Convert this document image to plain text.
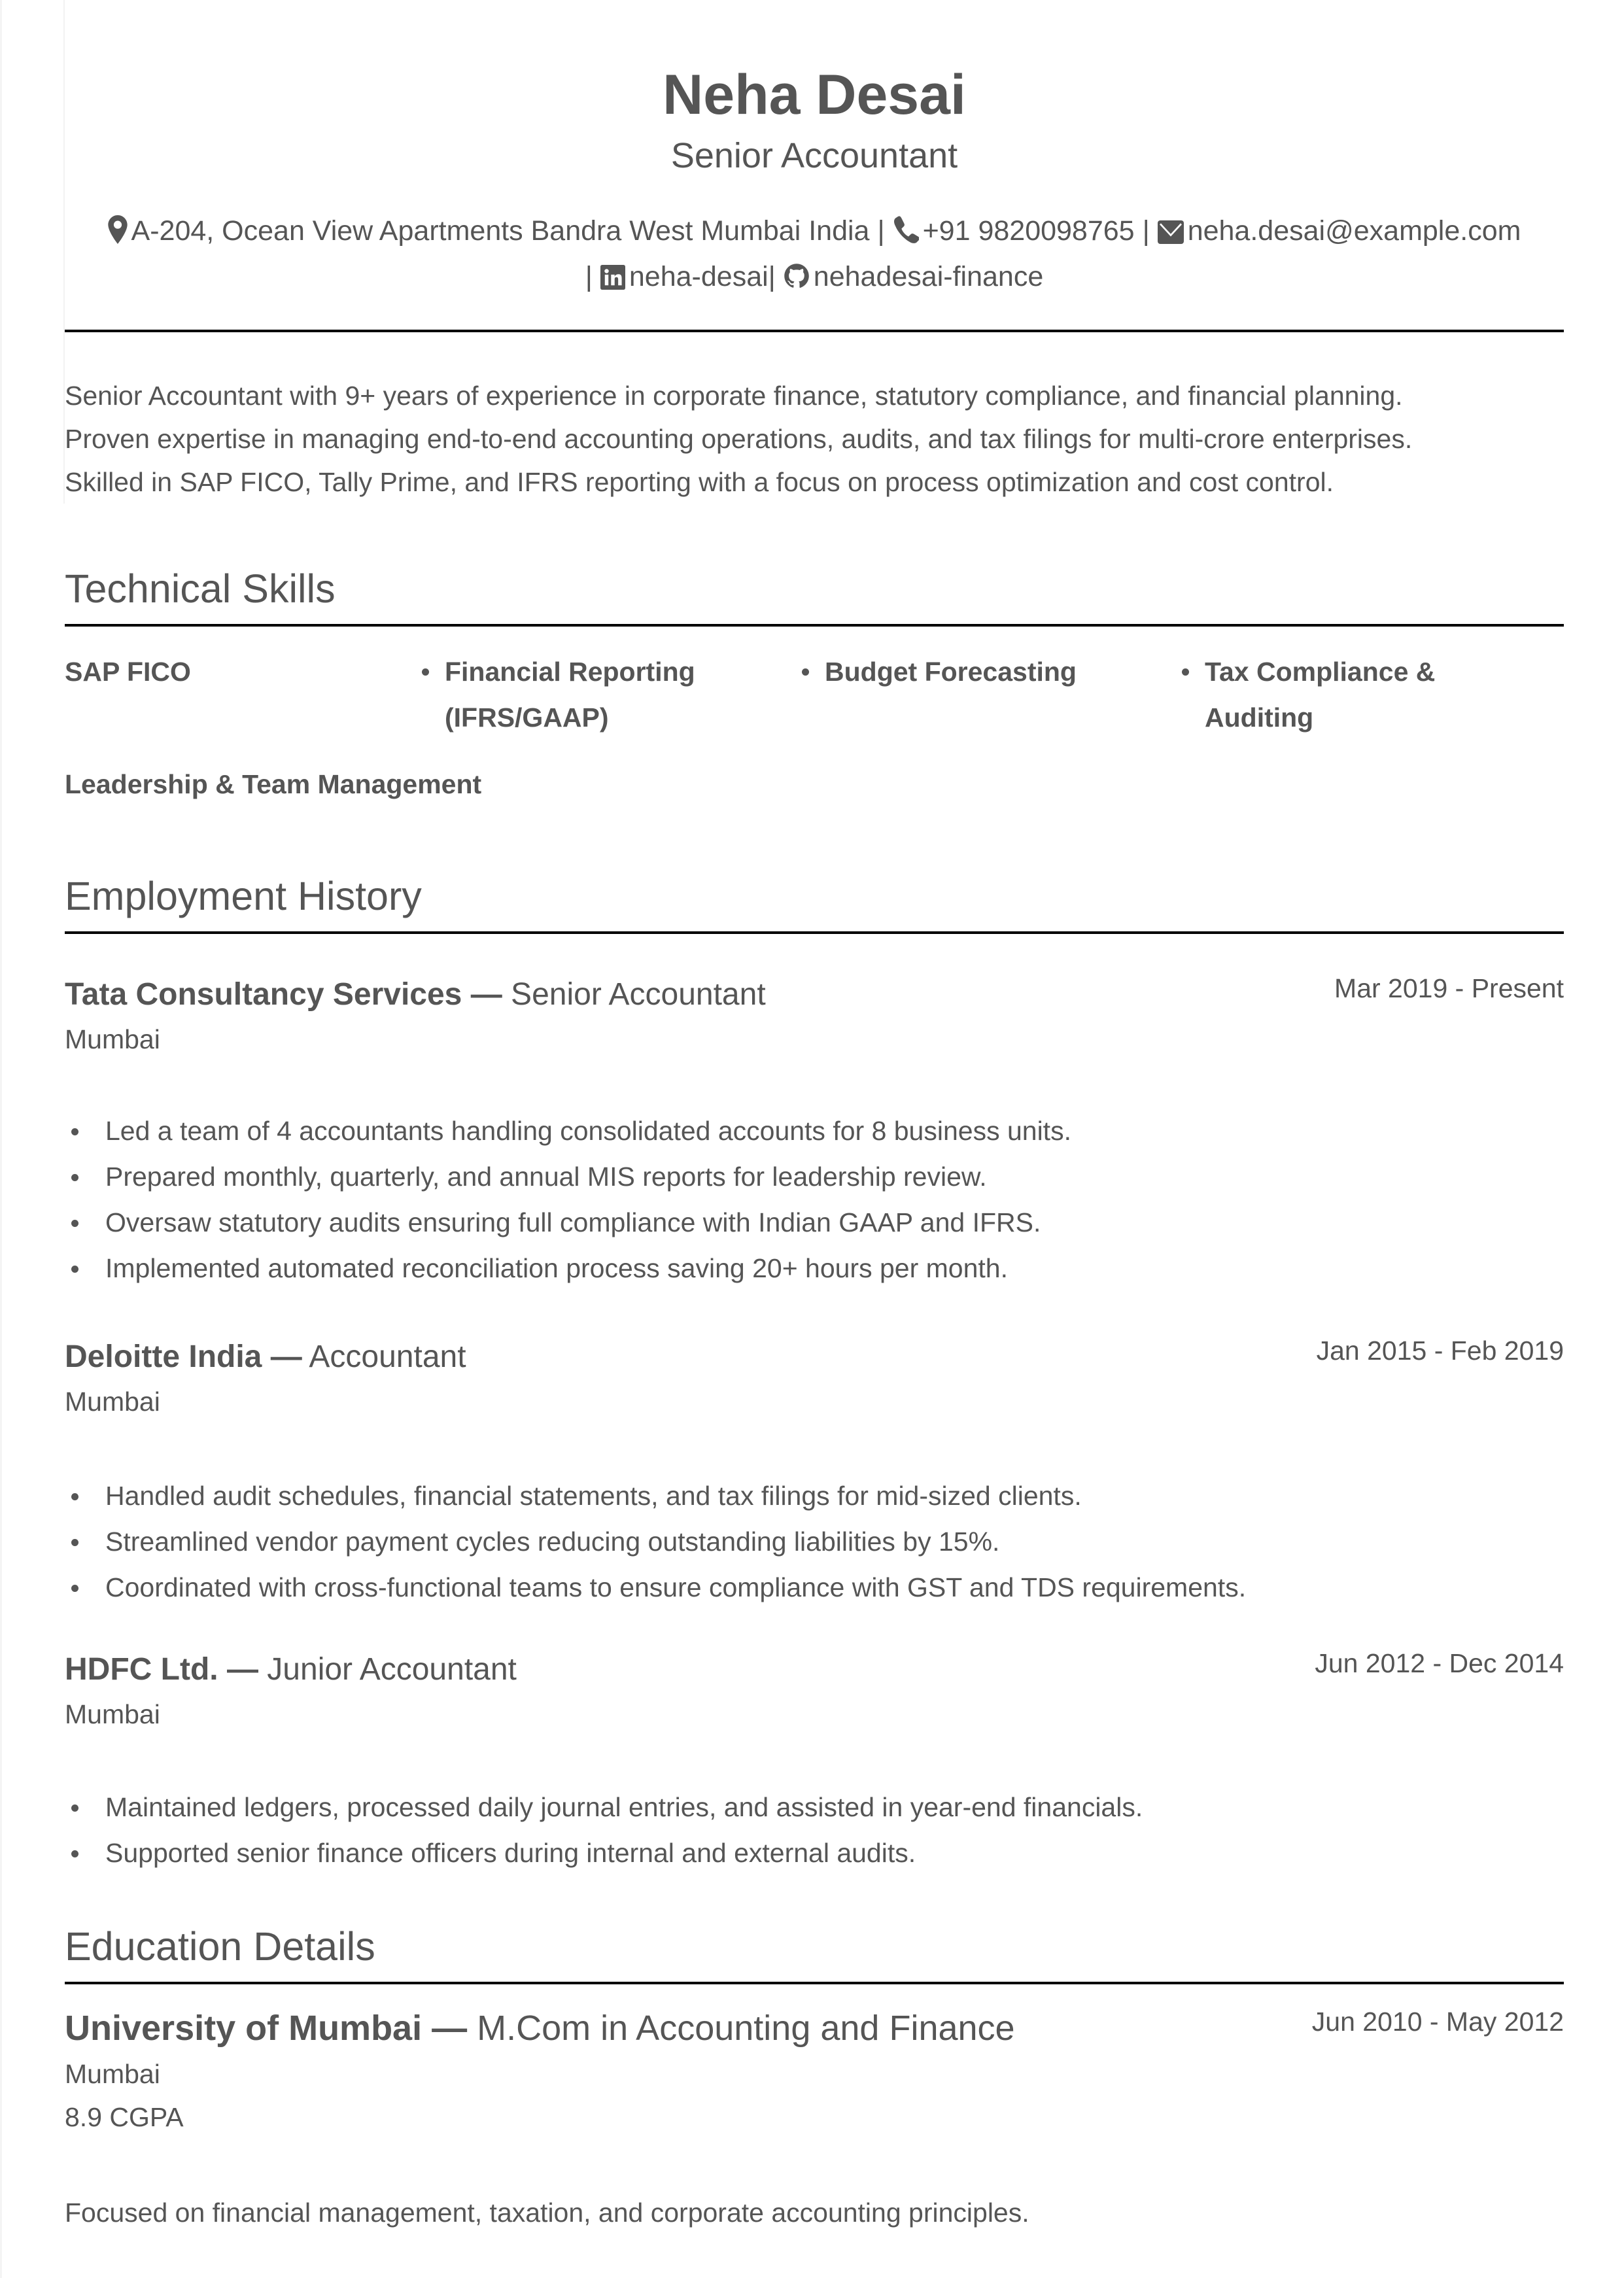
Neha Desai
Senior Accountant
A-204, Ocean View Apartments Bandra West Mumbai India | +91 9820098765 | neha.desai@example.com
| neha-desai| nehadesai-finance
Senior Accountant with 9+ years of experience in corporate finance, statutory compliance, and financial planning.
Proven expertise in managing end-to-end accounting operations, audits, and tax filings for multi-crore enterprises.
Skilled in SAP FICO, Tally Prime, and IFRS reporting with a focus on process optimization and cost control.
Technical Skills
SAP FICO	Financial Reporting (IFRS/GAAP)
Budget Forecasting	Tax Compliance & Auditing
Leadership & Team Management
Employment History
Tata Consultancy Services — Senior Accountant	Mar 2019 - Present
Mumbai
Led a team of 4 accountants handling consolidated accounts for 8 business units.
Prepared monthly, quarterly, and annual MIS reports for leadership review.
Oversaw statutory audits ensuring full compliance with Indian GAAP and IFRS.
Implemented automated reconciliation process saving 20+ hours per month.
Deloitte India — Accountant	Jan 2015 - Feb 2019
Mumbai
Handled audit schedules, financial statements, and tax filings for mid-sized clients.
Streamlined vendor payment cycles reducing outstanding liabilities by 15%.
Coordinated with cross-functional teams to ensure compliance with GST and TDS requirements.
HDFC Ltd. — Junior Accountant	Jun 2012 - Dec 2014
Mumbai
Maintained ledgers, processed daily journal entries, and assisted in year-end financials.
Supported senior finance officers during internal and external audits.
Education Details
University of Mumbai — M.Com in Accounting and Finance	Jun 2010 - May 2012
Mumbai
8.9 CGPA
Focused on financial management, taxation, and corporate accounting principles.
